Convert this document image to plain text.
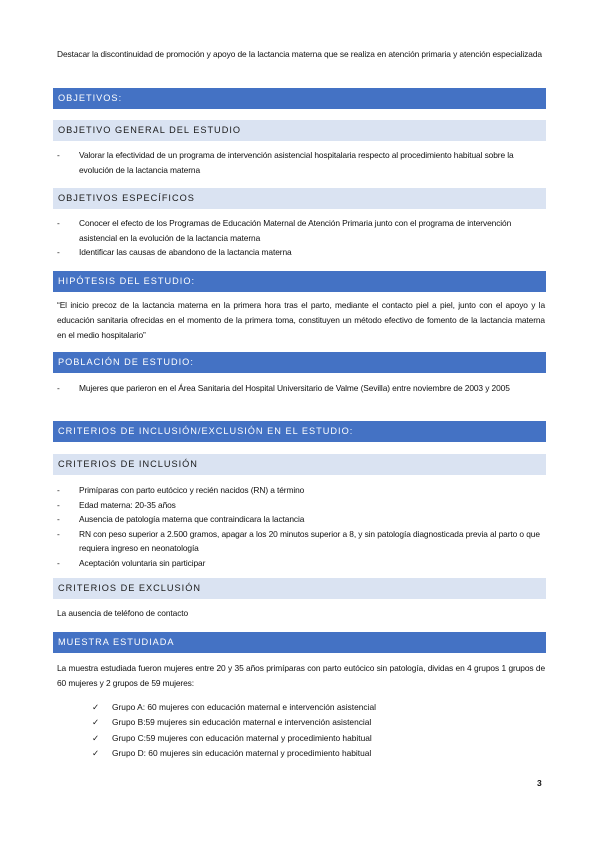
Destacar la discontinuidad de promoción y apoyo de la lactancia materna que se realiza en atención primaria y atención especializada
OBJETIVOS:
OBJETIVO GENERAL DEL ESTUDIO
- Valorar la efectividad de un programa de intervención asistencial hospitalaria respecto al procedimiento habitual sobre la evolución de la lactancia materna
OBJETIVOS ESPECÍFICOS
- Conocer el efecto de los Programas de Educación Maternal de Atención Primaria junto con el programa de intervención asistencial en la evolución de la lactancia materna
- Identificar las causas de abandono de la lactancia materna
HIPÓTESIS DEL ESTUDIO:
“El inicio precoz de la lactancia materna en la primera hora tras el parto, mediante el contacto piel a piel, junto con el apoyo y la educación sanitaria ofrecidas en el momento de la primera toma, constituyen un método efectivo de fomento de la lactancia materna en el medio hospitalario”
POBLACIÓN DE ESTUDIO:
- Mujeres que parieron en el Área Sanitaria del Hospital Universitario de Valme (Sevilla) entre noviembre de 2003 y 2005
CRITERIOS DE INCLUSIÓN/EXCLUSIÓN EN EL ESTUDIO:
CRITERIOS DE INCLUSIÓN
- Primíparas con parto eutócico y recién nacidos (RN) a término
- Edad materna: 20-35 años
- Ausencia de patología materna que contraindicara la lactancia
- RN con peso superior a 2.500 gramos, apagar a los 20 minutos superior a 8, y sin patología diagnosticada previa al parto o que requiera ingreso en neonatología
- Aceptación voluntaria sin participar
CRITERIOS DE EXCLUSIÓN
La ausencia de teléfono de contacto
MUESTRA ESTUDIADA
La muestra estudiada fueron mujeres entre 20 y 35 años primíparas con parto eutócico sin patología, dividas en 4 grupos 1 grupos de 60 mujeres y 2 grupos de 59 mujeres:
✓ Grupo A: 60 mujeres con educación maternal e intervención asistencial
✓ Grupo B:59 mujeres sin educación maternal e intervención asistencial
✓ Grupo C:59 mujeres con educación maternal y procedimiento habitual
✓ Grupo D: 60 mujeres sin educación maternal y procedimiento habitual
3
